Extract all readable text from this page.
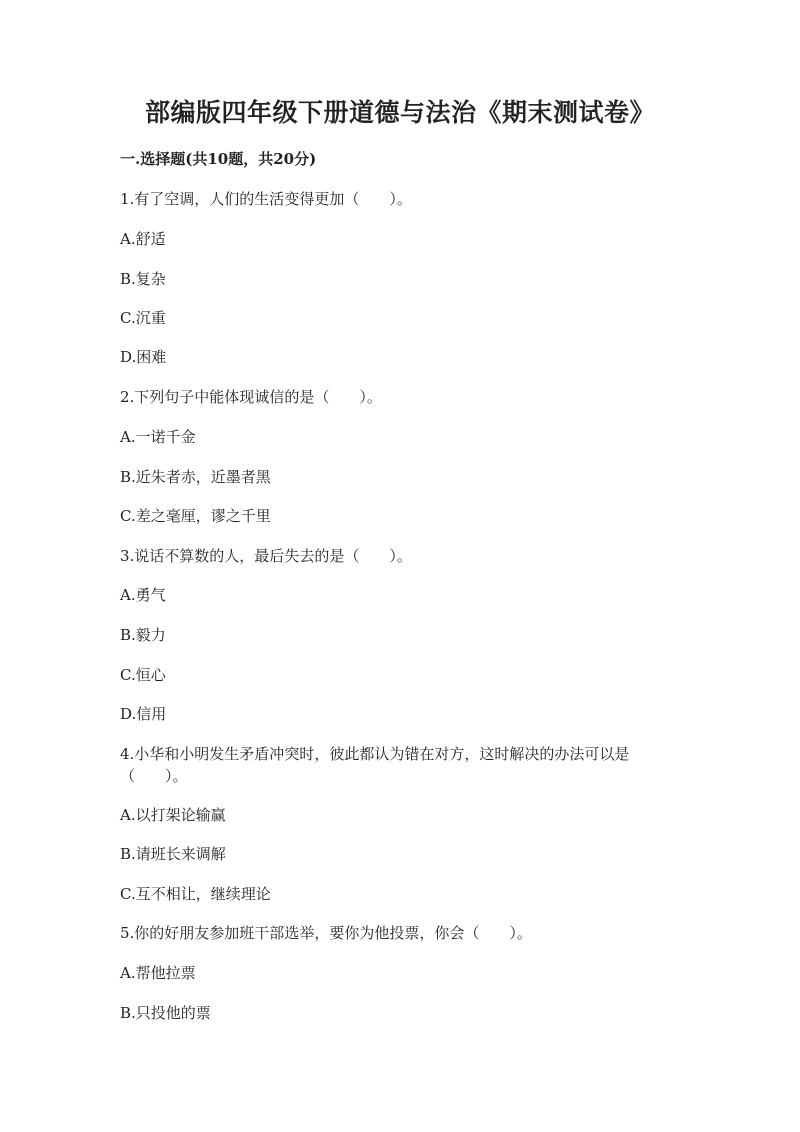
部编版四年级下册道德与法治《期末测试卷》
一.选择题(共10题，共20分)
1.有了空调，人们的生活变得更加（　　）。
A.舒适
B.复杂
C.沉重
D.困难
2.下列句子中能体现诚信的是（　　）。
A.一诺千金
B.近朱者赤，近墨者黑
C.差之毫厘，谬之千里
3.说话不算数的人，最后失去的是（　　）。
A.勇气
B.毅力
C.恒心
D.信用
4.小华和小明发生矛盾冲突时，彼此都认为错在对方，这时解决的办法可以是
（　　）。
A.以打架论输赢
B.请班长来调解
C.互不相让，继续理论
5.你的好朋友参加班干部选举，要你为他投票，你会（　　）。
A.帮他拉票
B.只投他的票
